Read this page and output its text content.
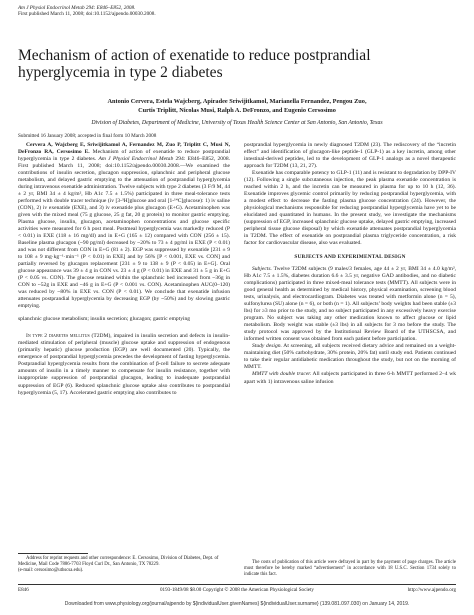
Am J Physiol Endocrinol Metab 294: E846–E852, 2008.
First published March 11, 2008; doi:10.1152/ajpendo.00030.2008.
Mechanism of action of exenatide to reduce postprandial hyperglycemia in type 2 diabetes
Antonio Cervera, Estela Wajcberg, Apiradee Sriwijitkamol, Marianella Fernandez, Pengou Zuo,
Curtis Triplitt, Nicolas Musi, Ralph A. DeFronzo, and Eugenio Cersosimo
Division of Diabetes, Department of Medicine, University of Texas Health Science Center at San Antonio, San Antonio, Texas
Submitted 16 January 2008; accepted in final form 10 March 2008

Cervera A, Wajcberg E, Sriwijitkamol A, Fernandez M, Zuo P, Triplitt C, Musi N, DeFronzo RA, Cersosimo E. Mechanism of action of exenatide to reduce postprandial hyperglycemia in type 2 diabetes. Am J Physiol Endocrinol Metab 294: E846–E852, 2008. First published March 11, 2008; doi:10.1152/ajpendo.00030.2008.—We examined the contributions of insulin secretion, glucagon suppression, splanchnic and peripheral glucose metabolism, and delayed gastric emptying to the attenuation of postprandial hyperglycemia during intravenous exenatide administration. Twelve subjects with type 2 diabetes (3 F/9 M, 44 ± 2 yr, BMI 34 ± 4 kg/m², Hb A1c 7.5 ± 1.5%) participated in three meal-tolerance tests performed with double tracer technique (iv [3-³H]glucose and oral [1-¹⁴C]glucose): 1) iv saline (CON), 2) iv exenatide (EXE), and 3) iv exenatide plus glucagon (E+G). Acetaminophen was given with the mixed meal (75 g glucose, 25 g fat, 20 g protein) to monitor gastric emptying. Plasma glucose, insulin, glucagon, acetaminophen concentrations and glucose specific activities were measured for 6 h post meal. Postmeal hyperglycemia was markedly reduced (P < 0.01) in EXE (118 ± 16 mg/dl) and in E+G (165 ± 12) compared with CON (256 ± 15). Baseline plasma glucagon (~90 pg/ml) decreased by ~20% to 73 ± 4 pg/ml in EXE (P < 0.01) and was not different from CON in E+G (81 ± 2). EGP was suppressed by exenatide [231 ± 9 to 108 ± 9 mg·kg⁻¹·min⁻¹ (P < 0.01) in EXE] and by 56% [P < 0.001, EXE vs. CON] and partially reversed by glucagon replacement [231 ± 9 to 138 ± 9 (P < 0.05) in E+G]. Oral glucose appearance was 39 ± 4 g in CON vs. 23 ± 4 g (P < 0.01) in EXE and 31 ± 5 g in E+G (P < 0.05 vs. CON). The glucose retained within the splanchnic bed increased from ~36g in CON to ~52g in EXE and ~46 g in E+G (P < 0.001 vs. CON). Acetaminophen AUC(0–120) was reduced by ~80% in EXE vs. CON (P < 0.01). We conclude that exenatide infusion attenuates postprandial hyperglycemia by decreasing EGP (by ~50%) and by slowing gastric emptying.

splanchnic glucose metabolism; insulin secretion; glucagon; gastric emptying

In type 2 diabetes mellitus (T2DM), impaired in insulin secretion and defects in insulin-mediated stimulation of peripheral (muscle) glucose uptake and suppression of endogenous (primarily hepatic) glucose production (EGP) are well documented (20). Typically, the emergence of postprandial hyperglycemia precedes the development of fasting hyperglycemia. Postprandial hyperglycemia results from the combination of β-cell failure to secrete adequate amounts of insulin in a timely manner to compensate for insulin resistance, together with inappropriate suppression of postprandial glucagon, leading to inadequate postprandial suppression of EGP (6). Reduced splanchnic glucose uptake also contributes to postprandial hyperglycemia (5, 17). Accelerated gastric emptying also contributes to

Address for reprint requests and other correspondence: E. Cersosimo, Division of Diabetes, Dept. of Medicine, Mail Code 7886-7703 Floyd Curl Dr., San Antonio, TX 78229.
(e-mail: cersosimo@uthscsa.edu).

postprandial hyperglycemia in newly diagnosed T2DM (23). The rediscovery of the “incretin effect” and identification of glucagon-like peptide-1 (GLP-1) as a key incretin, among other intestinal-derived peptides, led to the development of GLP-1 analogs as a novel therapeutic approach for T2DM (13, 21, 27).

Exenatide has comparable potency to GLP-1 (11) and is resistant to degradation by DPP-IV (12). Following a single subcutaneous injection, the peak plasma exenatide concentration is reached within 2 h, and the incretin can be measured in plasma for up to 10 h (12, 36). Exenatide improves glycemic control primarily by reducing postprandial hyperglycemia, with a modest effect to decrease the fasting plasma glucose concentration (24). However, the physiological mechanisms responsible for reducing postprandial hyperglycemia have yet to be elucidated and quantitated in humans. In the present study, we investigate the mechanisms (suppression of EGP, increased splanchnic glucose uptake, delayed gastric emptying, increased peripheral tissue glucose disposal) by which exenatide attenuates postprandial hyperglycemia in T2DM. The effect of exenatide on postprandial plasma triglyceride concentration, a risk factor for cardiovascular disease, also was evaluated.

SUBJECTS AND EXPERIMENTAL DESIGN

Subjects. Twelve T2DM subjects (9 males/3 females, age 44 ± 2 yr, BMI 34 ± 4.0 kg/m², Hb A1c 7.5 ± 1.5%, diabetes duration 6.6 ± 3.5 yr, negative GAD antibodies, and no diabetic complications) participated in three mixed-meal tolerance tests (MMTT). All subjects were in good general health as determined by medical history, physical examination, screening blood tests, urinalysis, and electrocardiogram. Diabetes was treated with metformin alone (n = 5), sulfonylurea (SU) alone (n = 6), or both (n = 1). All subjects’ body weights had been stable (±3 lbs) for ≥3 mo prior to the study, and no subject participated in any excessively heavy exercise program. No subject was taking any other medication known to affect glucose or lipid metabolism. Body weight was stable (±3 lbs) in all subjects for 3 mo before the study. The study protocol was approved by the Institutional Review Board of the UTHSCSA, and informed written consent was obtained from each patient before participation.

Study design. At screening, all subjects received dietary advice and remained on a weight-maintaining diet (50% carbohydrate, 30% protein, 20% fat) until study end. Patients continued to take their regular antidiabetic medication throughout the study, but not on the morning of MMTT.

MMTT with double tracer. All subjects participated in three 6-h MMTT performed 2–4 wk apart with 1) intravenous saline infusion

The costs of publication of this article were defrayed in part by the payment of page charges. The article must therefore be hereby marked “advertisement” in accordance with 18 U.S.C. Section 1734 solely to indicate this fact.
E846	0193-1849/08 $8.00 Copyright © 2008 the American Physiological Society	http://www.ajpendo.org
Downloaded from www.physiology.org/journal/ajpendo by ${individualUser.givenNames} ${individualUser.surname} (139.081.097.030) on January 14, 2019.
